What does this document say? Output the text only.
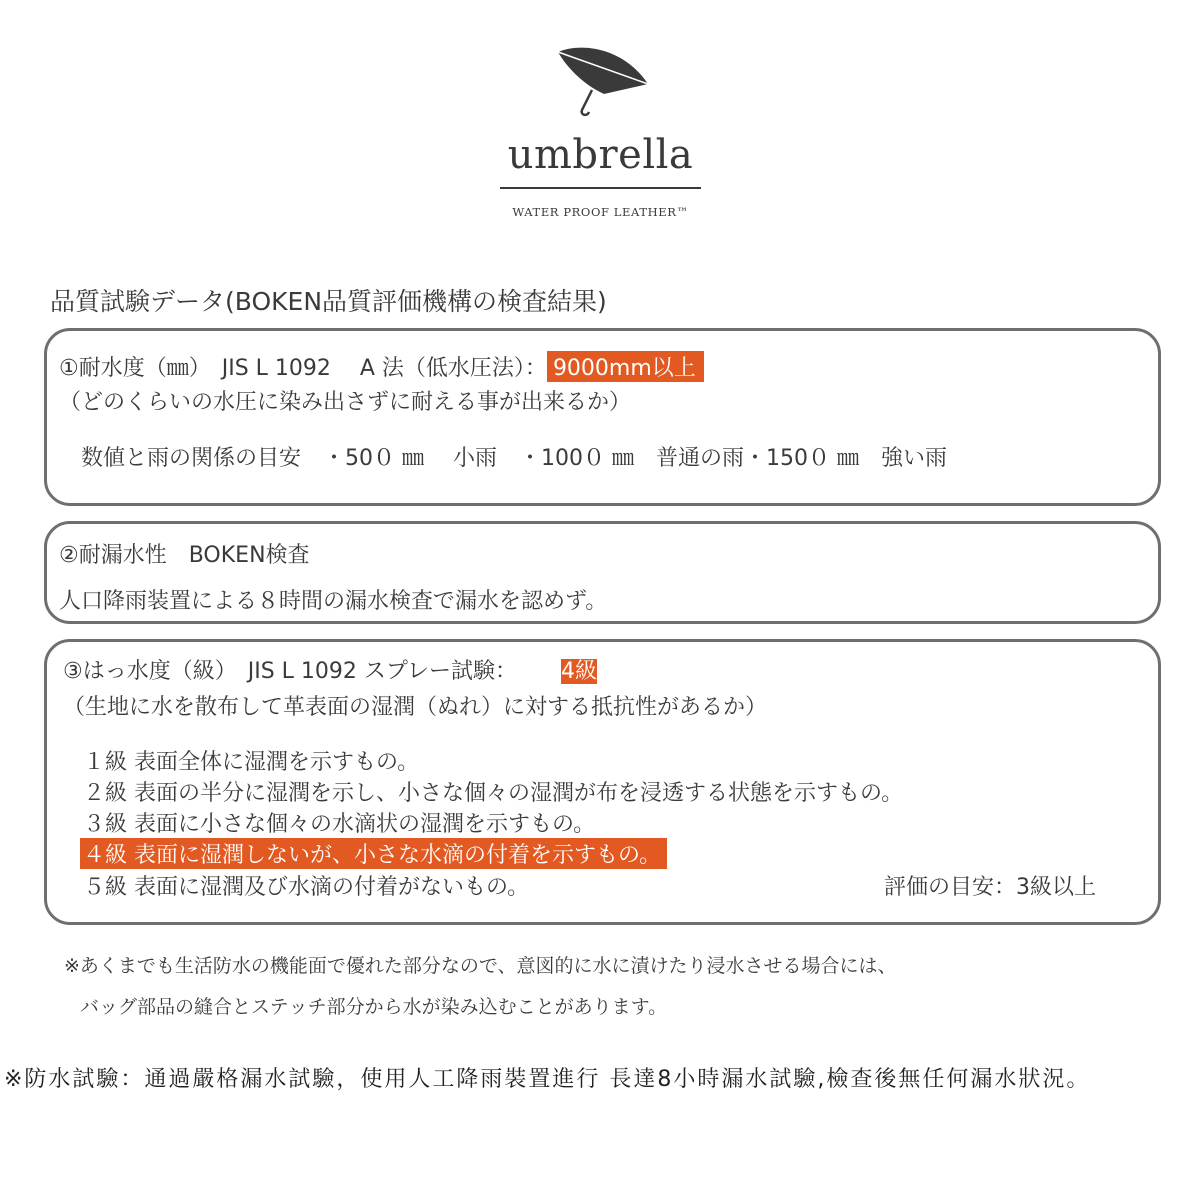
umbrella
WATER PROOF LEATHER™
品質試験データ(BOKEN品質評価機構の検査結果)
①耐水度（㎜）　JIS L 1092　 A 法（低水圧法）： 9000mm以上
（どのくらいの水圧に染み出さずに耐える事が出来るか）
数値と雨の関係の目安　・50０ ㎜　 小雨　・100０ ㎜　普通の雨・150０ ㎜　強い雨
②耐漏水性　BOKEN検査
人口降雨装置による８時間の漏水検査で漏水を認めず。
③はっ水度（級）　JIS L 1092 スプレー試験： 4級
（生地に水を散布して革表面の湿潤（ぬれ）に対する抵抗性があるか）
１級 表面全体に湿潤を示すもの。
２級 表面の半分に湿潤を示し、小さな個々の湿潤が布を浸透する状態を示すもの。
３級 表面に小さな個々の水滴状の湿潤を示すもの。
４級 表面に湿潤しないが、小さな水滴の付着を示すもの。
５級 表面に湿潤及び水滴の付着がないもの。	評価の目安：3級以上
※あくまでも生活防水の機能面で優れた部分なので、意図的に水に漬けたり浸水させる場合には、
バッグ部品の縫合とステッチ部分から水が染み込むことがあります。
※防水試驗：通過嚴格漏水試驗，使用人工降雨裝置進行 長達8小時漏水試驗,檢查後無任何漏水狀況。
